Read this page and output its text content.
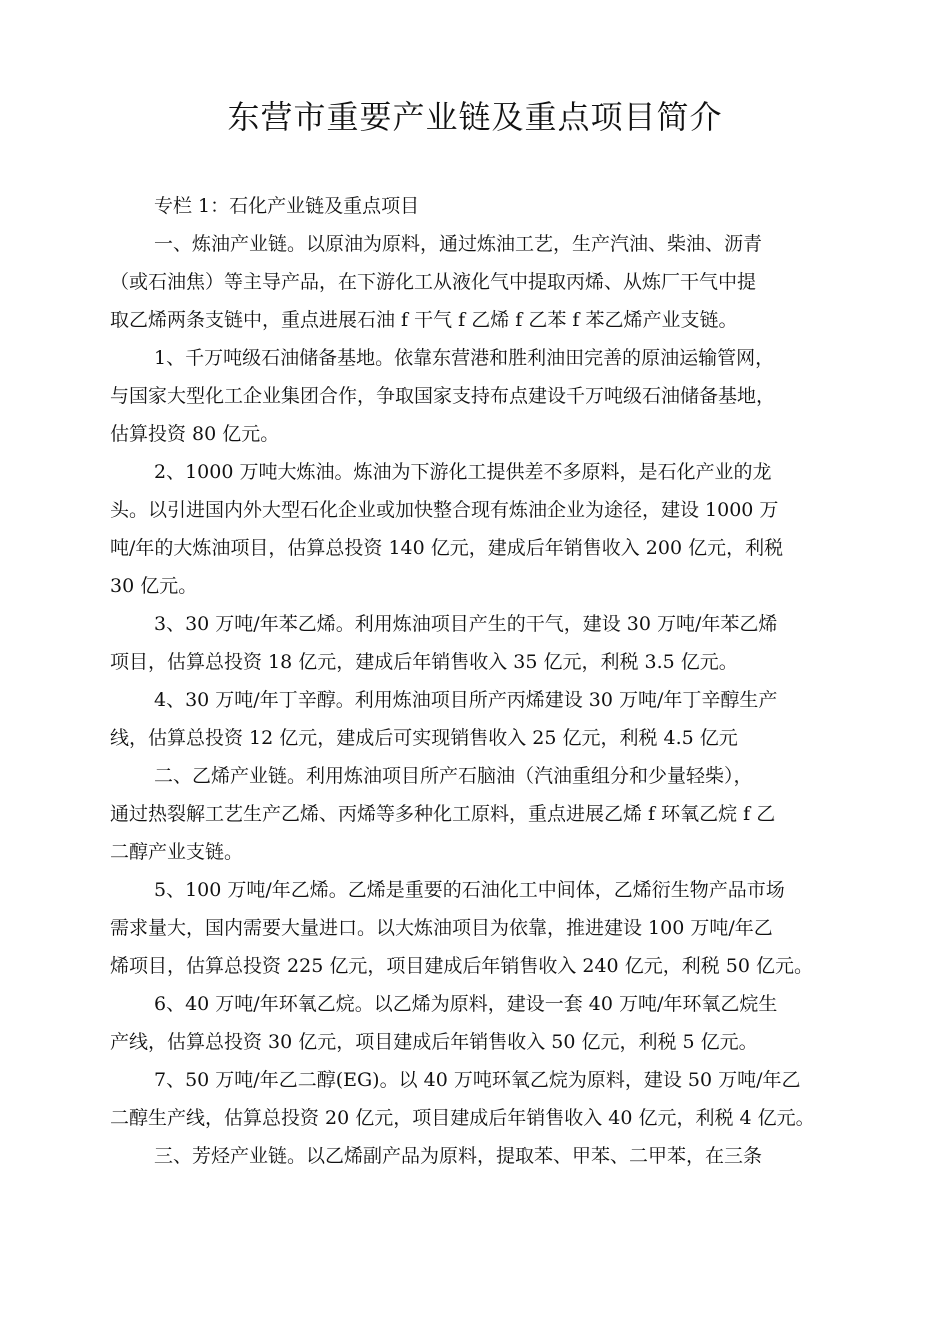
东营市重要产业链及重点项目简介

专栏 1：石化产业链及重点项目

一、炼油产业链。以原油为原料，通过炼油工艺，生产汽油、柴油、沥青
（或石油焦）等主导产品，在下游化工从液化气中提取丙烯、从炼厂干气中提
取乙烯两条支链中，重点进展石油 f 干气 f 乙烯 f 乙苯 f 苯乙烯产业支链。

1、千万吨级石油储备基地。依靠东营港和胜利油田完善的原油运输管网，
与国家大型化工企业集团合作，争取国家支持布点建设千万吨级石油储备基地，
估算投资 80 亿元。

2、1000 万吨大炼油。炼油为下游化工提供差不多原料，是石化产业的龙
头。以引进国内外大型石化企业或加快整合现有炼油企业为途径，建设 1000 万
吨/年的大炼油项目，估算总投资 140 亿元，建成后年销售收入 200 亿元，利税
30 亿元。

3、30 万吨/年苯乙烯。利用炼油项目产生的干气，建设 30 万吨/年苯乙烯
项目，估算总投资 18 亿元，建成后年销售收入 35 亿元，利税 3.5 亿元。

4、30 万吨/年丁辛醇。利用炼油项目所产丙烯建设 30 万吨/年丁辛醇生产
线，估算总投资 12 亿元，建成后可实现销售收入 25 亿元，利税 4.5 亿元

二、乙烯产业链。利用炼油项目所产石脑油（汽油重组分和少量轻柴），
通过热裂解工艺生产乙烯、丙烯等多种化工原料，重点进展乙烯 f 环氧乙烷 f 乙
二醇产业支链。

5、100 万吨/年乙烯。乙烯是重要的石油化工中间体，乙烯衍生物产品市场
需求量大，国内需要大量进口。以大炼油项目为依靠，推进建设 100 万吨/年乙
烯项目，估算总投资 225 亿元，项目建成后年销售收入 240 亿元，利税 50 亿元。

6、40 万吨/年环氧乙烷。以乙烯为原料，建设一套 40 万吨/年环氧乙烷生
产线，估算总投资 30 亿元，项目建成后年销售收入 50 亿元，利税 5 亿元。

7、50 万吨/年乙二醇(EG)。以 40 万吨环氧乙烷为原料，建设 50 万吨/年乙
二醇生产线，估算总投资 20 亿元，项目建成后年销售收入 40 亿元，利税 4 亿元。

三、芳烃产业链。以乙烯副产品为原料，提取苯、甲苯、二甲苯，在三条
